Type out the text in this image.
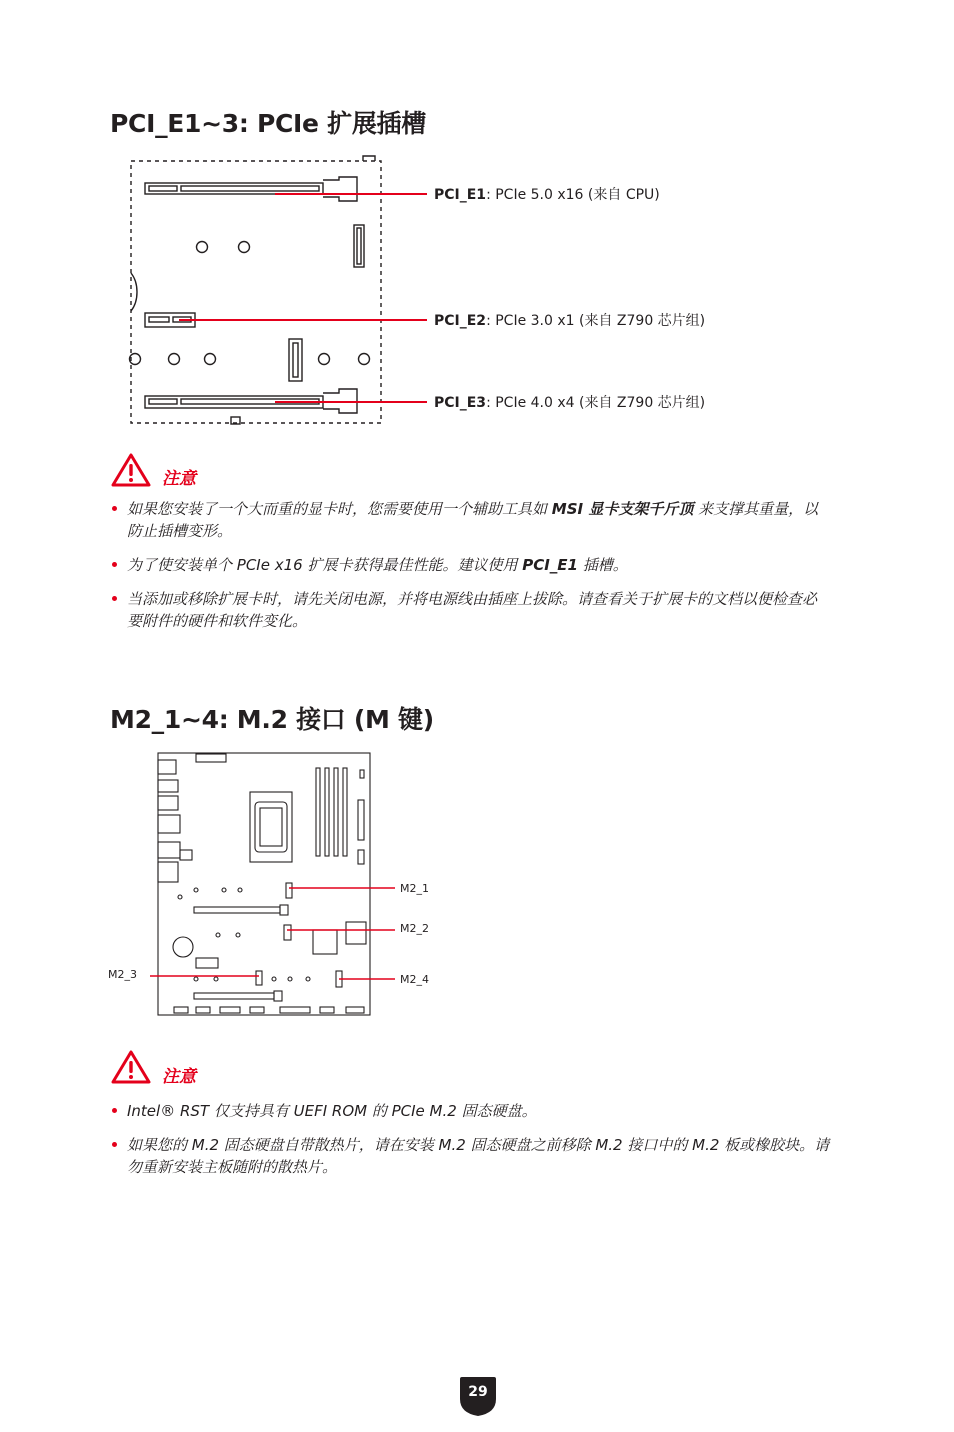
PCI_E1~3: PCIe 扩展插槽
PCI_E1: PCIe 5.0 x16 (来自 CPU)
PCI_E2: PCIe 3.0 x1 (来自 Z790 芯片组)
PCI_E3: PCIe 4.0 x4 (来自 Z790 芯片组)
注意
如果您安装了一个大而重的显卡时，您需要使用一个辅助工具如 MSI 显卡支架千斤顶 来支撑其重量，以防止插槽变形。
为了使安装单个 PCIe x16 扩展卡获得最佳性能。建议使用 PCI_E1 插槽。
当添加或移除扩展卡时，请先关闭电源，并将电源线由插座上拔除。请查看关于扩展卡的文档以便检查必要附件的硬件和软件变化。
M2_1~4: M.2 接口 (M 键)
M2_1
M2_2
M2_3	M2_4
注意
Intel® RST 仅支持具有 UEFI ROM 的 PCIe M.2 固态硬盘。
如果您的 M.2 固态硬盘自带散热片，请在安装 M.2 固态硬盘之前移除 M.2 接口中的 M.2 板或橡胶块。请勿重新安装主板随附的散热片。
29
